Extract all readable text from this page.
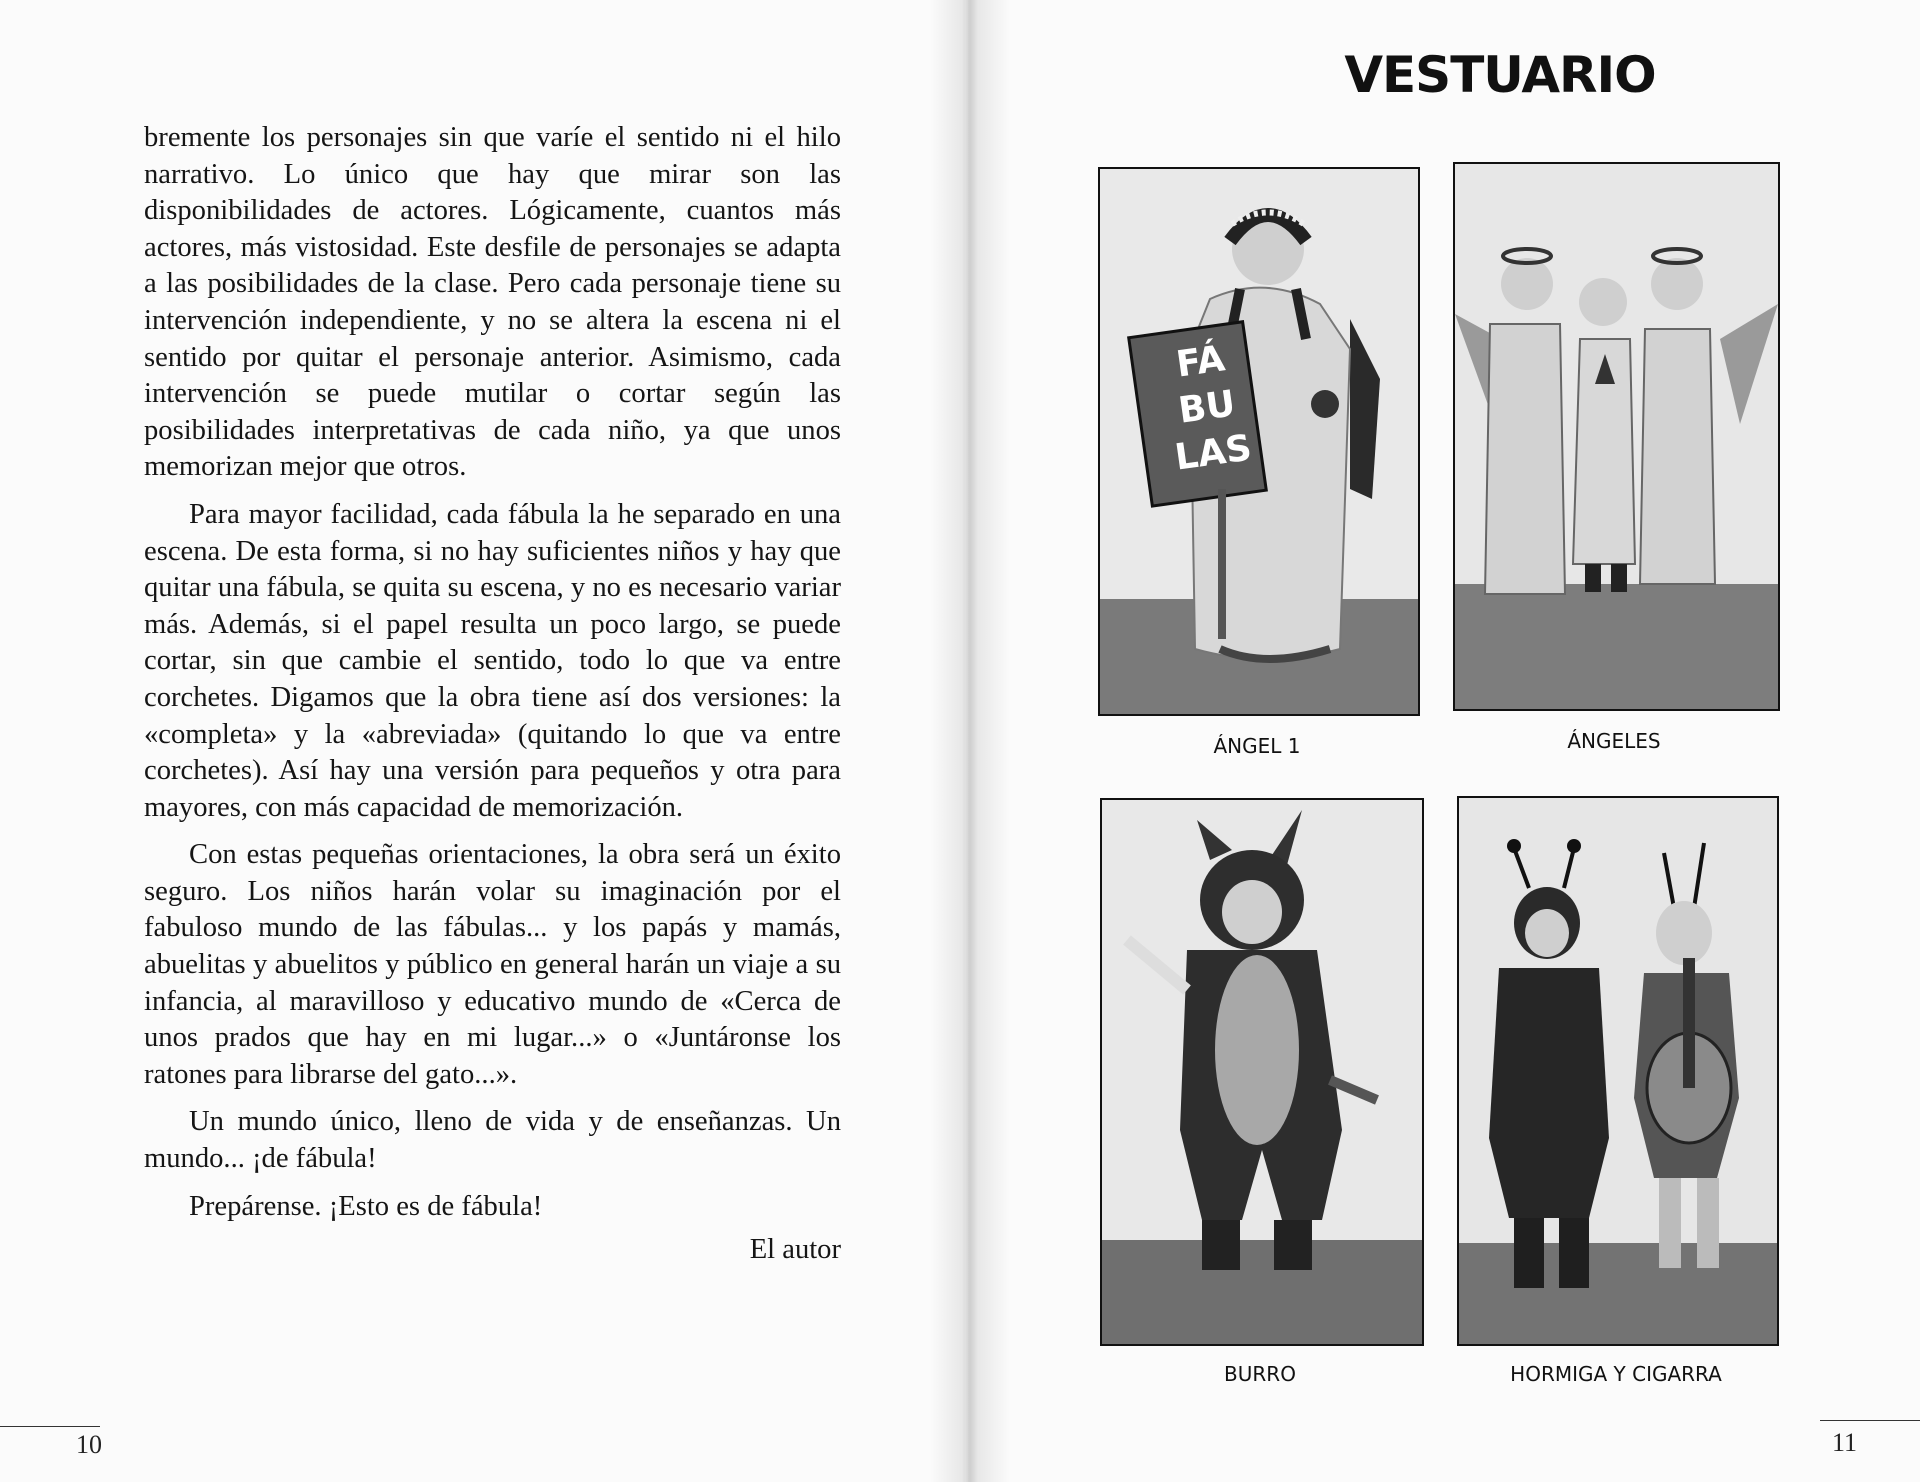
bremente los personajes sin que varíe el sentido ni el hilo narrativo. Lo único que hay que mirar son las disponibilidades de actores. Lógicamente, cuantos más actores, más vistosidad. Este desfile de personajes se adapta a las posibilidades de la clase. Pero cada personaje tiene su intervención independiente, y no se altera la escena ni el sentido por quitar el personaje anterior. Asimismo, cada intervención se puede mutilar o cortar según las posibilidades interpretativas de cada niño, ya que unos memorizan mejor que otros.

Para mayor facilidad, cada fábula la he separado en una escena. De esta forma, si no hay suficientes niños y hay que quitar una fábula, se quita su escena, y no es necesario variar más. Además, si el papel resulta un poco largo, se puede cortar, sin que cambie el sentido, todo lo que va entre corchetes. Digamos que la obra tiene así dos versiones: la «completa» y la «abreviada» (quitando lo que va entre corchetes). Así hay una versión para pequeños y otra para mayores, con más capacidad de memorización.

Con estas pequeñas orientaciones, la obra será un éxito seguro. Los niños harán volar su imaginación por el fabuloso mundo de las fábulas... y los papás y mamás, abuelitas y abuelitos y público en general harán un viaje a su infancia, al maravilloso y educativo mundo de «Cerca de unos prados que hay en mi lugar...» o «Juntáronse los ratones para librarse del gato...».

Un mundo único, lleno de vida y de enseñanzas. Un mundo... ¡de fábula!

Prepárense. ¡Esto es de fábula!

El autor

10
VESTUARIO
FÁ
BU
LAS
ÁNGEL 1	ÁNGELES
BURRO	HORMIGA Y CIGARRA
11
